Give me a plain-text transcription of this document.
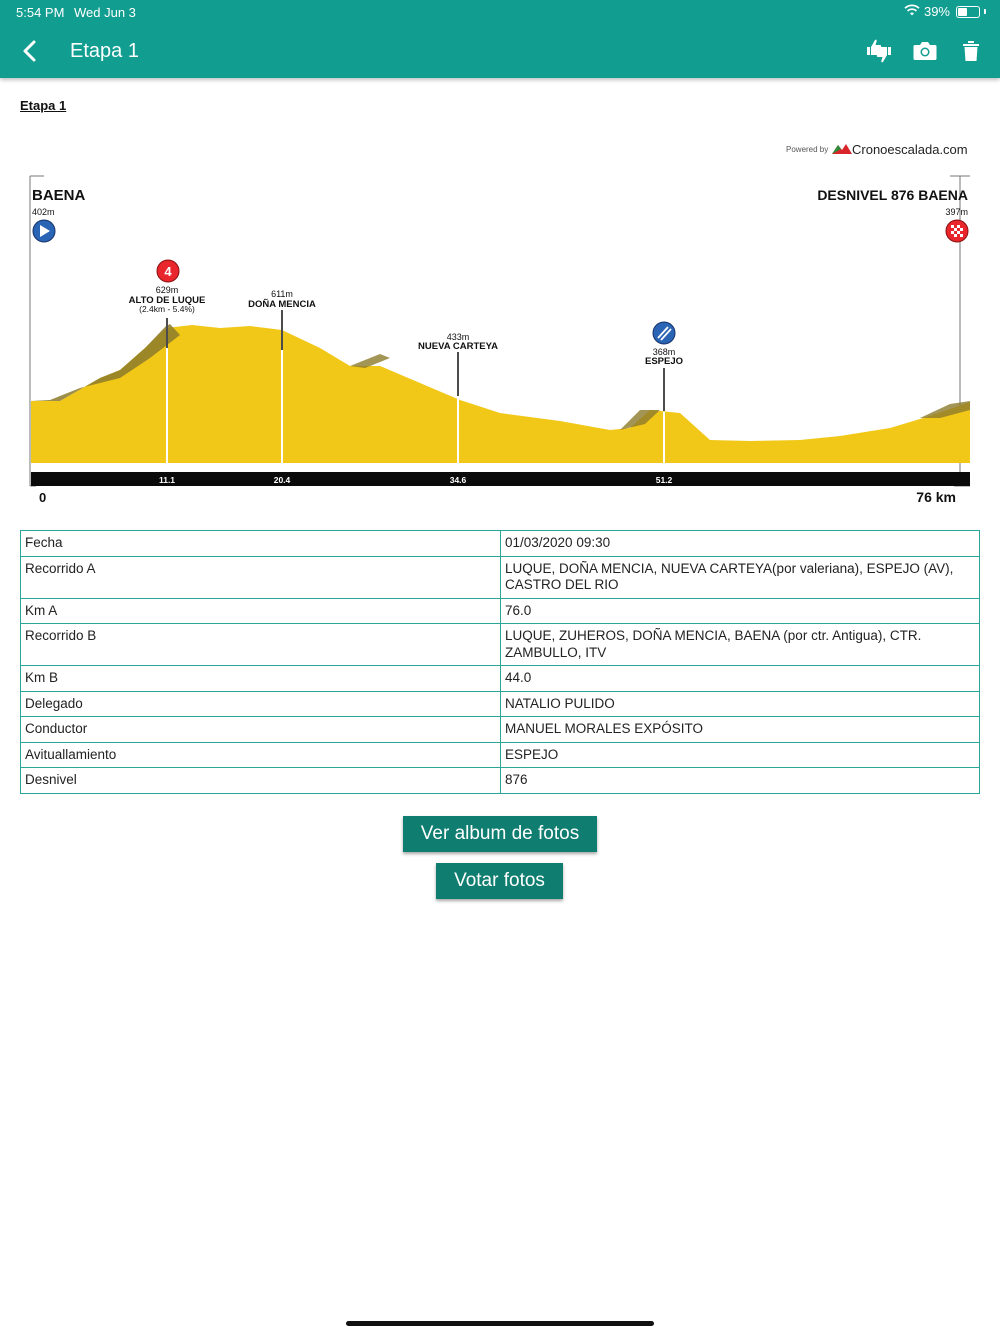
5:54 PM Wed Jun 3	39%
Etapa 1
Etapa 1
Powered by Cronoescalada.com
BAENA
402m
DESNIVEL 876 BAENA
397m
0	76 km
4
629m
ALTO DE LUQUE
(2.4km - 5.4%)
11.1
611m
DOÑA MENCIA
20.4
433m
NUEVA CARTEYA
34.6
368m
ESPEJO
51.2
Fecha	01/03/2020 09:30
Recorrido A	LUQUE, DOÑA MENCIA, NUEVA CARTEYA(por valeriana), ESPEJO (AV), CASTRO DEL RIO
Km A	76.0
Recorrido B	LUQUE, ZUHEROS, DOÑA MENCIA, BAENA (por ctr. Antigua), CTR. ZAMBULLO, ITV
Km B	44.0
Delegado	NATALIO PULIDO
Conductor	MANUEL MORALES EXPÓSITO
Avituallamiento	ESPEJO
Desnivel	876
Ver album de fotos
Votar fotos
